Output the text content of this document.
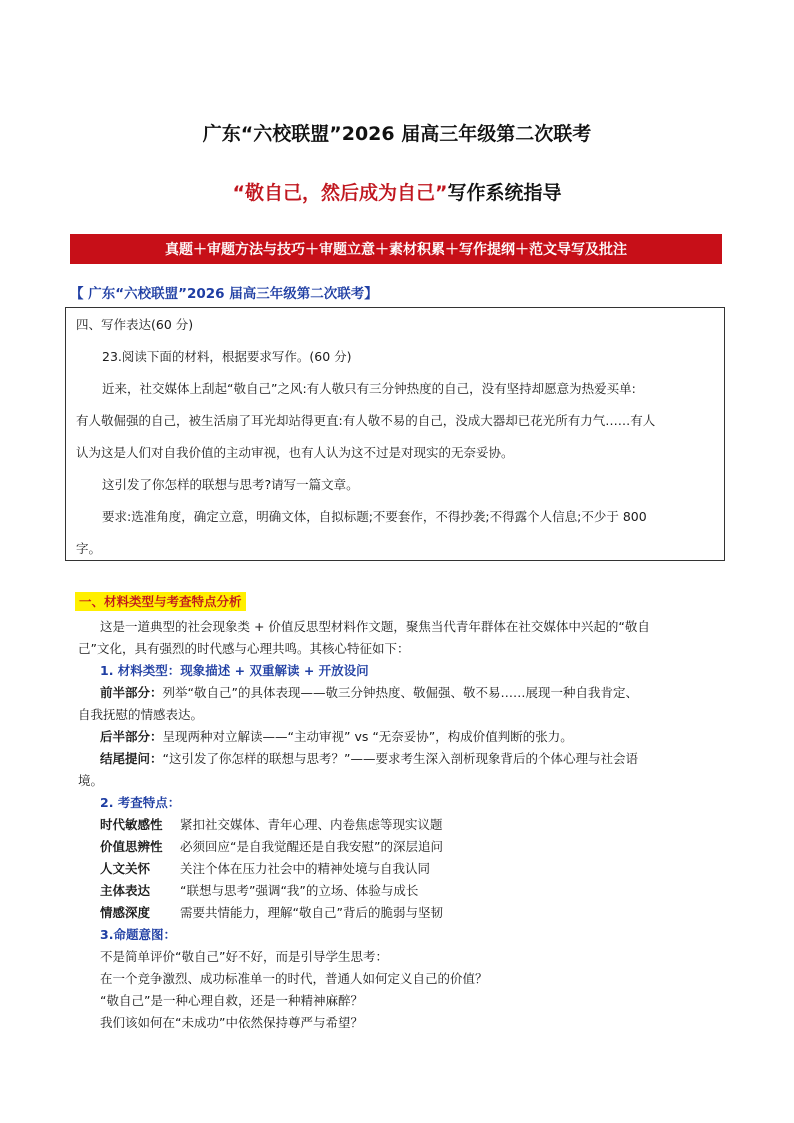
广东“六校联盟”2026 届高三年级第二次联考
“敬自己，然后成为自己”写作系统指导
真题＋审题方法与技巧＋审题立意＋素材积累＋写作提纲＋范文导写及批注
【 广东“六校联盟”2026 届高三年级第二次联考】
四、写作表达(60 分)
23.阅读下面的材料，根据要求写作。(60 分)
近来，社交媒体上刮起“敬自己”之风:有人敬只有三分钟热度的自己，没有坚持却愿意为热爱买单:
有人敬倔强的自己，被生活扇了耳光却站得更直:有人敬不易的自己，没成大器却已花光所有力气……有人
认为这是人们对自我价值的主动审视，也有人认为这不过是对现实的无奈妥协。
这引发了你怎样的联想与思考?请写一篇文章。
要求:选准角度，确定立意，明确文体，自拟标题;不要套作，不得抄袭;不得露个人信息;不少于 800
字。
一、材料类型与考查特点分析
这是一道典型的社会现象类 + 价值反思型材料作文题，聚焦当代青年群体在社交媒体中兴起的“敬自
己”文化，具有强烈的时代感与心理共鸣。其核心特征如下：
1. 材料类型：现象描述 + 双重解读 + 开放设问
前半部分：列举“敬自己”的具体表现——敬三分钟热度、敬倔强、敬不易……展现一种自我肯定、
自我抚慰的情感表达。
后半部分：呈现两种对立解读——“主动审视” vs “无奈妥协”，构成价值判断的张力。
结尾提问：“这引发了你怎样的联想与思考？”——要求考生深入剖析现象背后的个体心理与社会语
境。
2. 考查特点：
时代敏感性	紧扣社交媒体、青年心理、内卷焦虑等现实议题
价值思辨性	必须回应“是自我觉醒还是自我安慰”的深层追问
人文关怀	关注个体在压力社会中的精神处境与自我认同
主体表达	“联想与思考”强调“我”的立场、体验与成长
情感深度	需要共情能力，理解“敬自己”背后的脆弱与坚韧
3.命题意图：
不是简单评价“敬自己”好不好，而是引导学生思考：
在一个竞争激烈、成功标准单一的时代，普通人如何定义自己的价值？
“敬自己”是一种心理自救，还是一种精神麻醉？
我们该如何在“未成功”中依然保持尊严与希望？
